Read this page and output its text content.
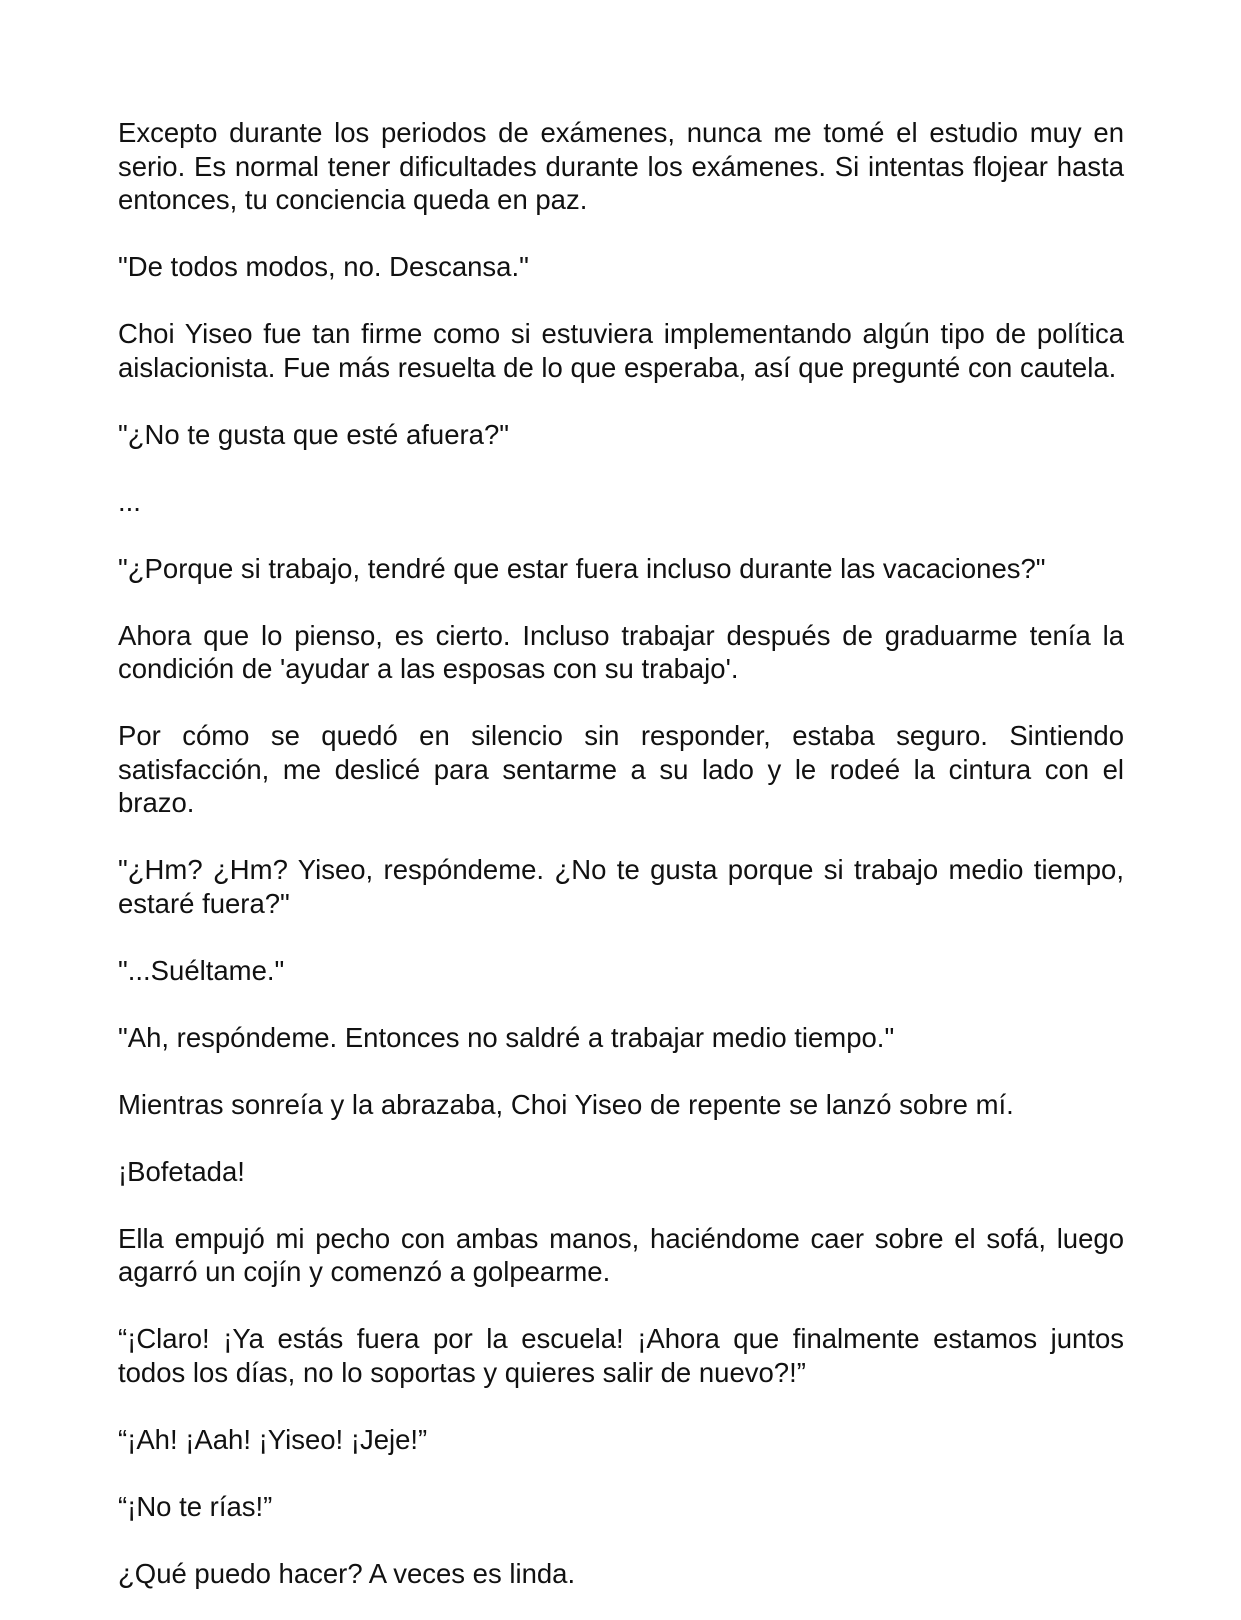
Excepto durante los periodos de exámenes, nunca me tomé el estudio muy en serio. Es normal tener dificultades durante los exámenes. Si intentas flojear hasta entonces, tu conciencia queda en paz.

"De todos modos, no. Descansa."

Choi Yiseo fue tan firme como si estuviera implementando algún tipo de política aislacionista. Fue más resuelta de lo que esperaba, así que pregunté con cautela.

"¿No te gusta que esté afuera?"

...

"¿Porque si trabajo, tendré que estar fuera incluso durante las vacaciones?"

Ahora que lo pienso, es cierto. Incluso trabajar después de graduarme tenía la condición de 'ayudar a las esposas con su trabajo'.

Por cómo se quedó en silencio sin responder, estaba seguro. Sintiendo satisfacción, me deslicé para sentarme a su lado y le rodeé la cintura con el brazo.

"¿Hm? ¿Hm? Yiseo, respóndeme. ¿No te gusta porque si trabajo medio tiempo, estaré fuera?"

"...Suéltame."

"Ah, respóndeme. Entonces no saldré a trabajar medio tiempo."

Mientras sonreía y la abrazaba, Choi Yiseo de repente se lanzó sobre mí.

¡Bofetada!

Ella empujó mi pecho con ambas manos, haciéndome caer sobre el sofá, luego agarró un cojín y comenzó a golpearme.

“¡Claro! ¡Ya estás fuera por la escuela! ¡Ahora que finalmente estamos juntos todos los días, no lo soportas y quieres salir de nuevo?!”

“¡Ah! ¡Aah! ¡Yiseo! ¡Jeje!”

“¡No te rías!”

¿Qué puedo hacer? A veces es linda.
